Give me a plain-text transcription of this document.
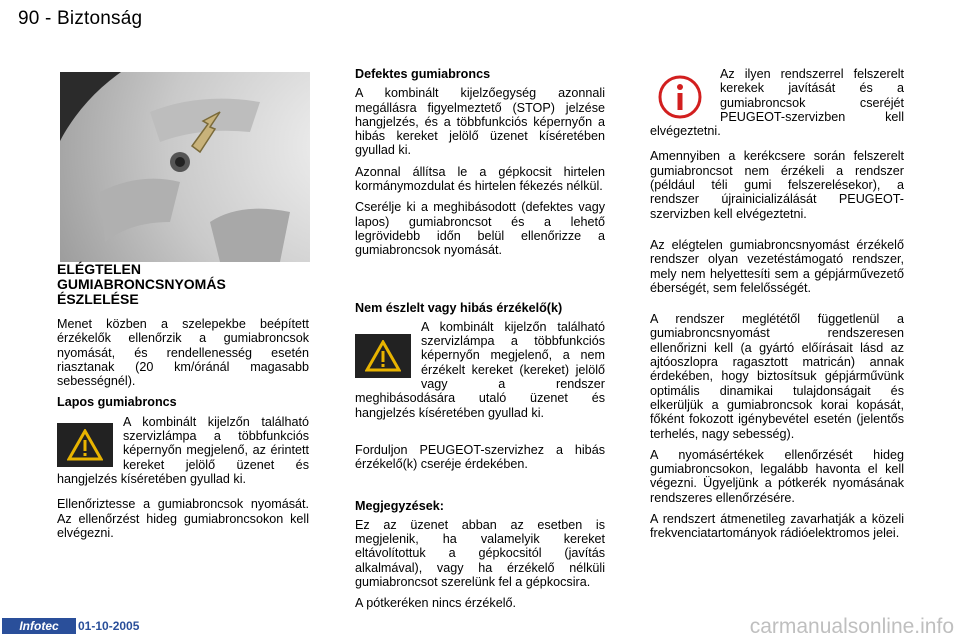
90 - Biztonság
ELÉGTELEN GUMIABRONCSNYOMÁS ÉSZLELÉSE

Menet közben a szelepekbe beépített érzékelők ellenőrzik a gumiabroncsok nyomását, és rendellenesség esetén riasztanak (20 km/óránál magasabb sebességnél).

Lapos gumiabroncs

A kombinált kijelzőn található szervizlámpa a többfunkciós képernyőn megjelenő, az érintett kereket jelölő üzenet és hangjelzés kíséretében gyullad ki.

Ellenőriztesse a gumiabroncsok nyomását. Az ellenőrzést hideg gumiabroncsokon kell elvégezni.

Defektes gumiabroncs

A kombinált kijelzőegység azonnali megállásra figyelmeztető (STOP) jelzése hangjelzés, és a többfunkciós képernyőn a hibás kereket jelölő üzenet kíséretében gyullad ki.

Azonnal állítsa le a gépkocsit hirtelen kormánymozdulat és hirtelen fékezés nélkül.

Cserélje ki a meghibásodott (defektes vagy lapos) gumiabroncsot és a lehető legrövidebb időn belül ellenőrizze a gumiabroncsok nyomását.

Nem észlelt vagy hibás érzékelő(k)

A kombinált kijelzőn található szervizlámpa a többfunkciós képernyőn megjelenő, a nem érzékelt kereket (kereket) jelölő vagy a rendszer meghibásodására utaló üzenet és hangjelzés kíséretében gyullad ki.

Forduljon PEUGEOT-szervizhez a hibás érzékelő(k) cseréje érdekében.

Megjegyzések:

Ez az üzenet abban az esetben is megjelenik, ha valamelyik kereket eltávolítottuk a gépkocsitól (javítás alkalmával), vagy ha érzékelő nélküli gumiabroncsot szerelünk fel a gépkocsira.

A pótkeréken nincs érzékelő.

Az ilyen rendszerrel felszerelt kerekek javítását és a gumiabroncsok cseréjét PEUGEOT-szervizben kell elvégeztetni.

Amennyiben a kerékcsere során felszerelt gumiabroncsot nem érzékeli a rendszer (például téli gumi felszerelésekor), a rendszer újrainicializálását PEUGEOT-szervizben kell elvégeztetni.

Az elégtelen gumiabroncsnyomást érzékelő rendszer olyan vezetéstámogató rendszer, mely nem helyettesíti sem a gépjárművezető éberségét, sem felelősségét.

A rendszer meglététől függetlenül a gumiabroncsnyomást rendszeresen ellenőrizni kell (a gyártó előírásait lásd az ajtóoszlopra ragasztott matricán) annak érdekében, hogy biztosítsuk gépjárművünk optimális dinamikai tulajdonságait és elkerüljük a gumiabroncsok korai kopását, főként fokozott igénybevétel esetén (jelentős terhelés, nagy sebesség).

A nyomásértékek ellenőrzését hideg gumiabroncsokon, legalább havonta el kell végezni. Ügyeljünk a pótkerék nyomásának rendszeres ellenőrzésére.

A rendszert átmenetileg zavarhatják a közeli frekvenciatartományok rádióelektromos jelei.

Infotec	01-10-2005	carmanualsonline.info
